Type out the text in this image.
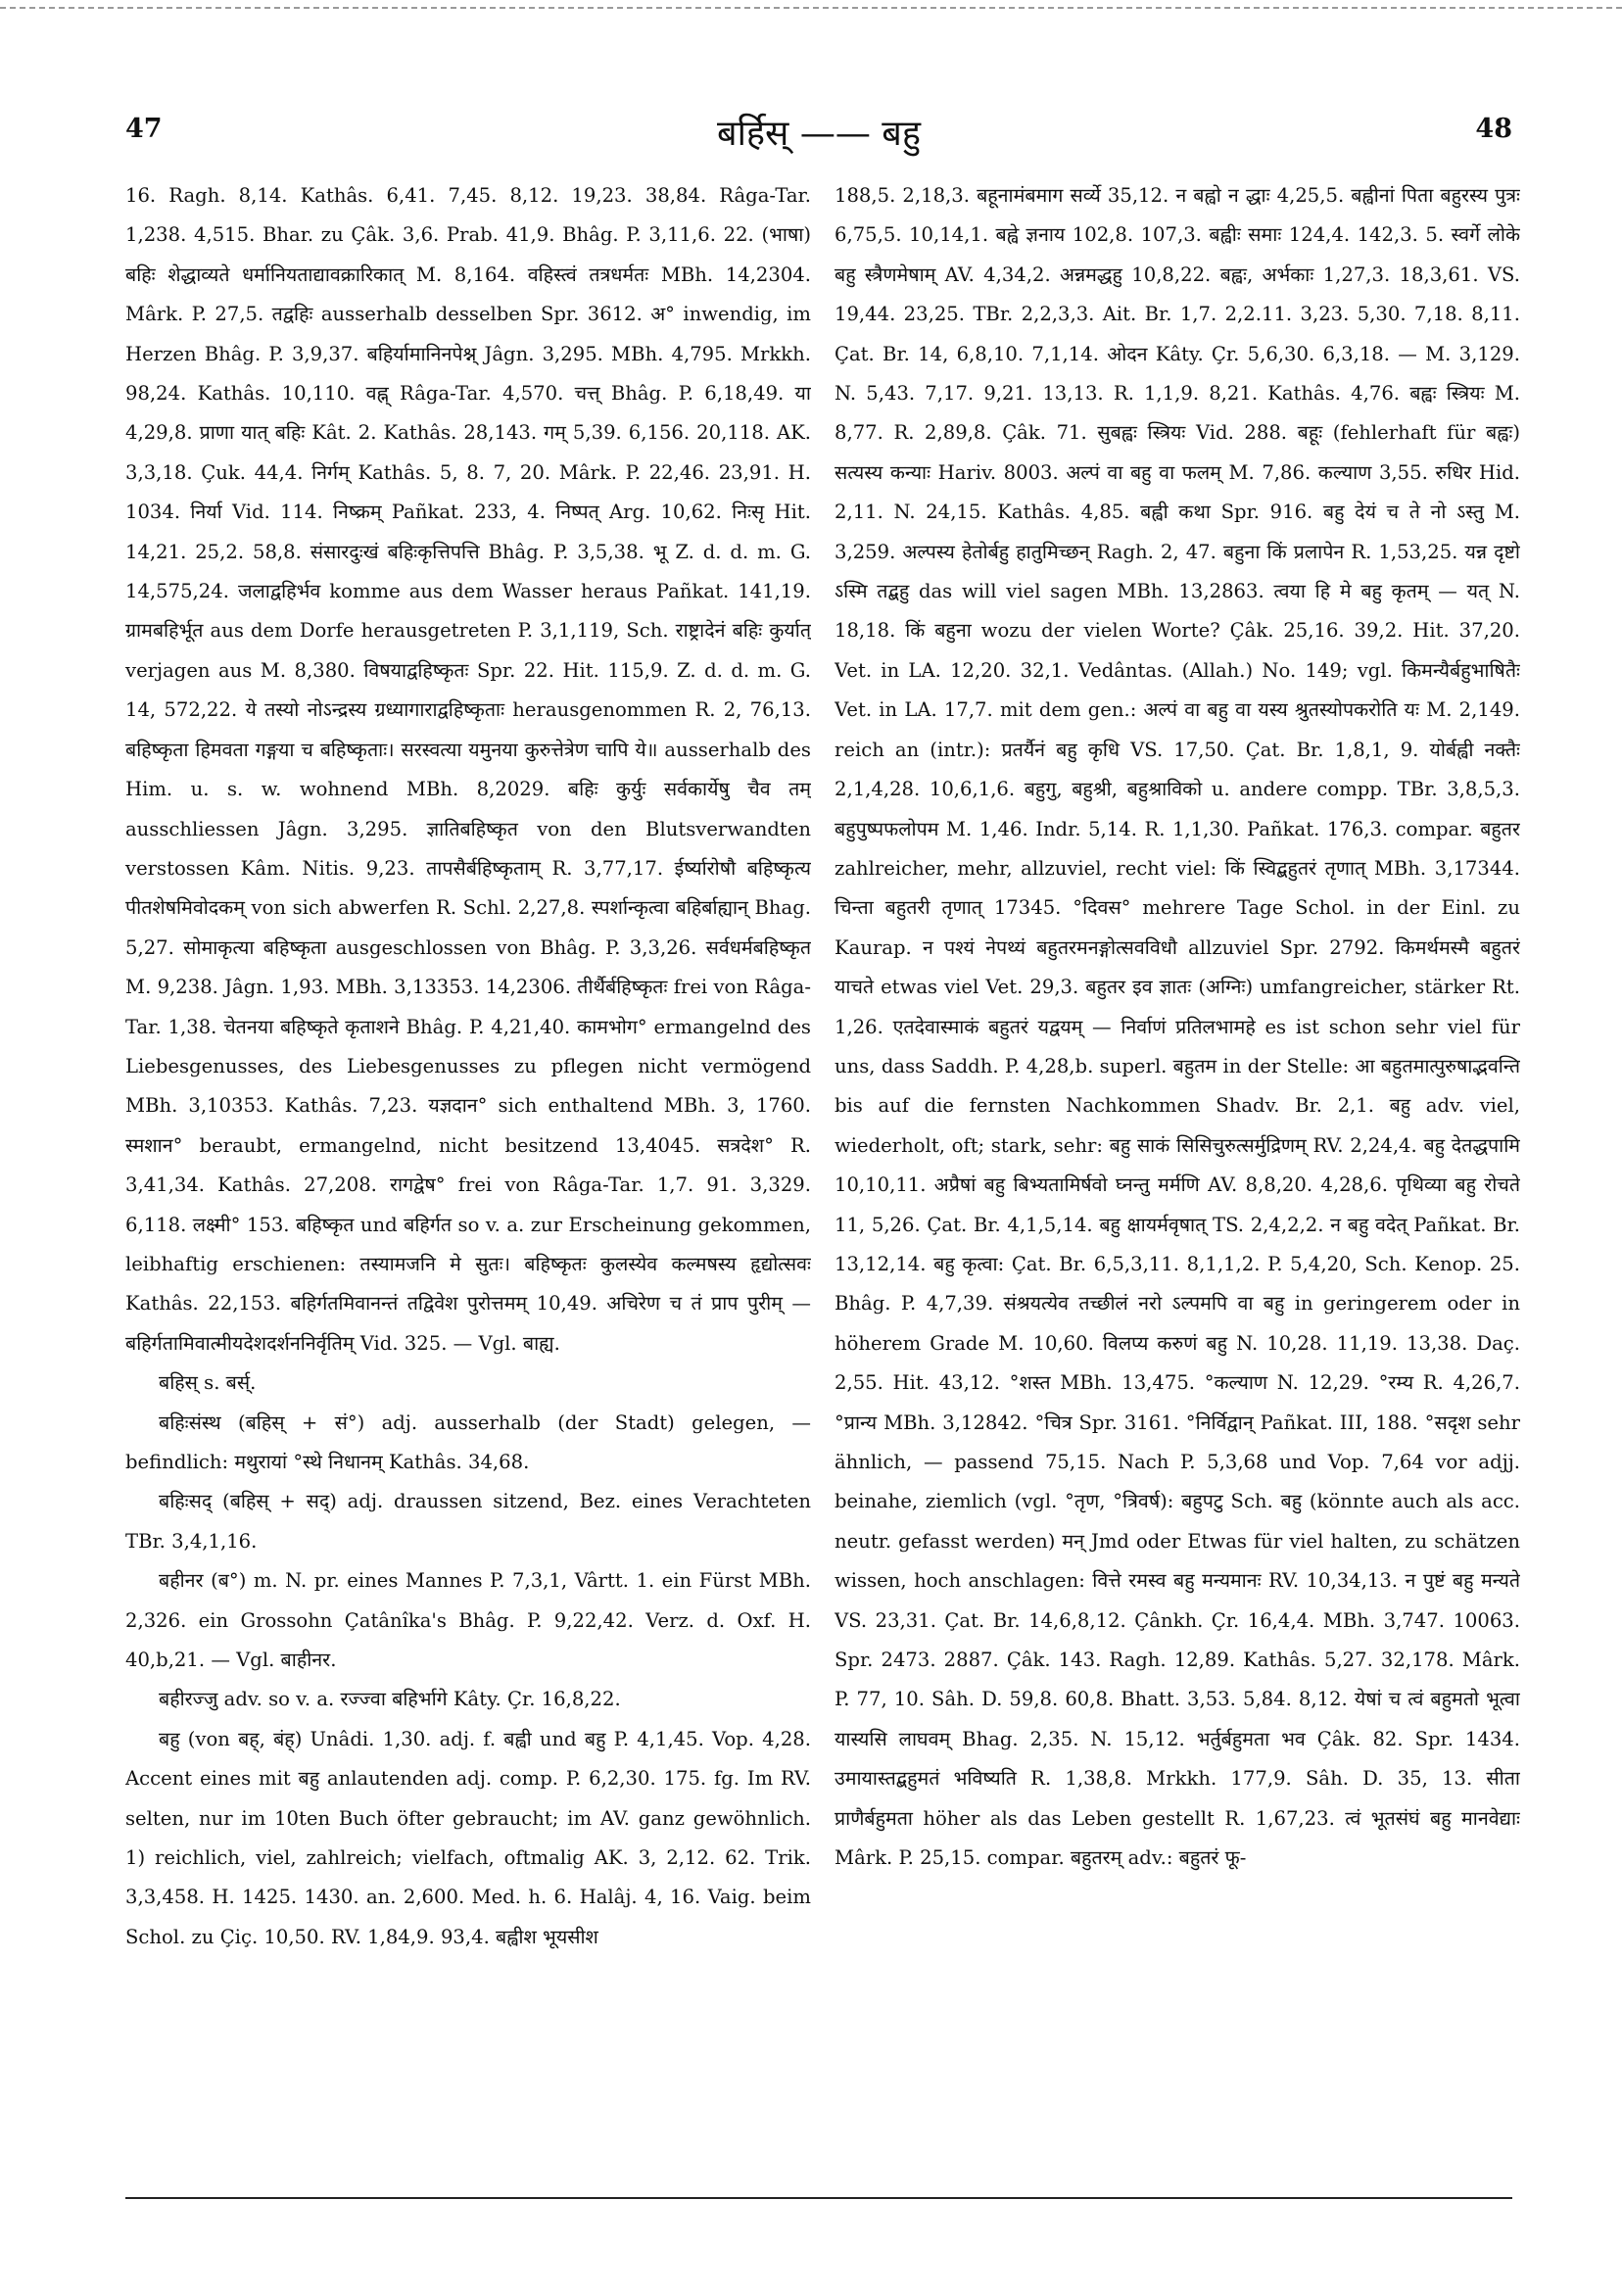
47	बर्हिस् —— बहु	48

16. Ragh. 8,14. Kathâs. 6,41. 7,45. 8,12. 19,23. 38,84. Râga-Tar. 1,238. 4,515. Bhar. zu Çâk. 3,6. Prab. 41,9. Bhâg. P. 3,11,6. 22. (भाषा) बहिः शेद्धाव्यते धर्मानियताद्यावक्रारिकात् M. 8,164. वहिस्त्वं तत्रधर्मतः MBh. 14,2304. Mârk. P. 27,5. तद्वहिः ausserhalb desselben Spr. 3612. अ° inwendig, im Herzen Bhâg. P. 3,9,37. बहिर्यामानिनपेश्न् Jâgn. 3,295. MBh. 4,795. Mrkkh. 98,24. Kathâs. 10,110. वह्न् Râga-Tar. 4,570. चत्त् Bhâg. P. 6,18,49. या 4,29,8. प्राणा यात् बहिः Kât. 2. Kathâs. 28,143. गम् 5,39. 6,156. 20,118. AK. 3,3,18. Çuk. 44,4. निर्गम् Kathâs. 5, 8. 7, 20. Mârk. P. 22,46. 23,91. H. 1034. निर्या Vid. 114. निष्क्रम् Pañkat. 233, 4. निष्पत् Arg. 10,62. निःसृ Hit. 14,21. 25,2. 58,8. संसारदुःखं बहिःकृत्तिपत्ति Bhâg. P. 3,5,38. भू Z. d. d. m. G. 14,575,24. जलाद्वहिर्भव komme aus dem Wasser heraus Pañkat. 141,19. ग्रामबहिर्भूत aus dem Dorfe herausgetreten P. 3,1,119, Sch. राष्ट्रादेनं बहिः कुर्यात् verjagen aus M. 8,380. विषयाद्वहिष्कृतः Spr. 22. Hit. 115,9. Z. d. d. m. G. 14, 572,22. ये तस्यो नोऽन्द्रस्य ग्रध्यागाराद्वहिष्कृताः herausgenommen R. 2, 76,13. बहिष्कृता हिमवता गङ्गया च बहिष्कृताः। सरस्वत्या यमुनया कुरुत्तेत्रेण चापि ये॥ ausserhalb des Him. u. s. w. wohnend MBh. 8,2029. बहिः कुर्युः सर्वकार्येषु चैव तम् ausschliessen Jâgn. 3,295. ज्ञातिबहिष्कृत von den Blutsverwandten verstossen Kâm. Nitis. 9,23. तापसैर्बहिष्कृताम् R. 3,77,17. ईर्ष्यारोषौ बहिष्कृत्य पीतशेषमिवोदकम् von sich abwerfen R. Schl. 2,27,8. स्पर्शान्कृत्वा बहिर्बाह्यान् Bhag. 5,27. सोमाकृत्या बहिष्कृता ausgeschlossen von Bhâg. P. 3,3,26. सर्वधर्मबहिष्कृत M. 9,238. Jâgn. 1,93. MBh. 3,13353. 14,2306. तीर्थैर्बहिष्कृतः frei von Râga-Tar. 1,38. चेतनया बहिष्कृते कृताशने Bhâg. P. 4,21,40. कामभोग° ermangelnd des Liebesgenusses, des Liebesgenusses zu pflegen nicht vermögend MBh. 3,10353. Kathâs. 7,23. यज्ञदान° sich enthaltend MBh. 3, 1760. स्मशान° beraubt, ermangelnd, nicht besitzend 13,4045. सत्रदेश° R. 3,41,34. Kathâs. 27,208. रागद्वेष° frei von Râga-Tar. 1,7. 91. 3,329. 6,118. लक्ष्मी° 153. बहिष्कृत und बहिर्गत so v. a. zur Erscheinung gekommen, leibhaftig erschienen: तस्यामजनि मे सुतः। बहिष्कृतः कुलस्येव कल्मषस्य हृद्योत्सवः Kathâs. 22,153. बहिर्गतमिवानन्तं तद्विवेश पुरोत्तमम् 10,49. अचिरेण च तं प्राप पुरीम् — बहिर्गतामिवात्मीयदेशदर्शननिर्वृतिम् Vid. 325. — Vgl. बाह्य.

बहिस् s. बर्स्.

बहिःसंस्थ (बहिस् + सं°) adj. ausserhalb (der Stadt) gelegen, — befindlich: मथुरायां °स्थे निधानम् Kathâs. 34,68.

बहिःसद् (बहिस् + सद्) adj. draussen sitzend, Bez. eines Verachteten TBr. 3,4,1,16.

बहीनर (ब°) m. N. pr. eines Mannes P. 7,3,1, Vârtt. 1. ein Fürst MBh. 2,326. ein Grossohn Çatânîka's Bhâg. P. 9,22,42. Verz. d. Oxf. H. 40,b,21. — Vgl. बाहीनर.

बहीरज्जु adv. so v. a. रज्ज्वा बहिर्भागे Kâty. Çr. 16,8,22.

बहु (von बह्, बंह्) Unâdi. 1,30. adj. f. बह्वी und बहु P. 4,1,45. Vop. 4,28. Accent eines mit बहु anlautenden adj. comp. P. 6,2,30. 175. fg. Im RV. selten, nur im 10ten Buch öfter gebraucht; im AV. ganz gewöhnlich. 1) reichlich, viel, zahlreich; vielfach, oftmalig AK. 3, 2,12. 62. Trik. 3,3,458. H. 1425. 1430. an. 2,600. Med. h. 6. Halâj. 4, 16. Vaig. beim Schol. zu Çiç. 10,50. RV. 1,84,9. 93,4. बह्वीश भूयसीश

188,5. 2,18,3. बहूनामंबमाग सर्व्ये 35,12. न बह्वो न द्धाः 4,25,5. बह्वीनां पिता बहुरस्य पुत्रः 6,75,5. 10,14,1. बह्वे ज्ञनाय 102,8. 107,3. बह्वीः समाः 124,4. 142,3. 5. स्वर्गे लोके बहु स्त्रैणमेषाम् AV. 4,34,2. अन्नमद्धहु 10,8,22. बह्वः, अर्भकाः 1,27,3. 18,3,61. VS. 19,44. 23,25. TBr. 2,2,3,3. Ait. Br. 1,7. 2,2.11. 3,23. 5,30. 7,18. 8,11. Çat. Br. 14, 6,8,10. 7,1,14. ओदन Kâty. Çr. 5,6,30. 6,3,18. — M. 3,129. N. 5,43. 7,17. 9,21. 13,13. R. 1,1,9. 8,21. Kathâs. 4,76. बह्वः स्त्रियः M. 8,77. R. 2,89,8. Çâk. 71. सुबह्वः स्त्रियः Vid. 288. बहूः (fehlerhaft für बह्वः) सत्यस्य कन्याः Hariv. 8003. अल्पं वा बहु वा फलम् M. 7,86. कल्याण 3,55. रुधिर Hid. 2,11. N. 24,15. Kathâs. 4,85. बह्वी कथा Spr. 916. बहु देयं च ते नो ऽस्तु M. 3,259. अल्पस्य हेतोर्बहु हातुमिच्छन् Ragh. 2, 47. बहुना किं प्रलापेन R. 1,53,25. यन्न दृष्टो ऽस्मि तद्बहु das will viel sagen MBh. 13,2863. त्वया हि मे बहु कृतम् — यत् N. 18,18. किं बहुना wozu der vielen Worte? Çâk. 25,16. 39,2. Hit. 37,20. Vet. in LA. 12,20. 32,1. Vedântas. (Allah.) No. 149; vgl. किमन्यैर्बहुभाषितैः Vet. in LA. 17,7. mit dem gen.: अल्पं वा बहु वा यस्य श्रुतस्योपकरोति यः M. 2,149. reich an (intr.): प्रतर्यैनं बहु कृधि VS. 17,50. Çat. Br. 1,8,1, 9. योर्बह्वी नक्तैः 2,1,4,28. 10,6,1,6. बहुगु, बहुश्री, बहुश्राविको u. andere compp. TBr. 3,8,5,3. बहुपुष्पफलोपम M. 1,46. Indr. 5,14. R. 1,1,30. Pañkat. 176,3. compar. बहुतर zahlreicher, mehr, allzuviel, recht viel: किं स्विद्बहुतरं तृणात् MBh. 3,17344. चिन्ता बहुतरी तृणात् 17345. °दिवस° mehrere Tage Schol. in der Einl. zu Kaurap. न पश्यं नेपथ्यं बहुतरमनङ्गोत्सवविधौ allzuviel Spr. 2792. किमर्थमस्मै बहुतरं याचते etwas viel Vet. 29,3. बहुतर इव ज्ञातः (अग्निः) umfangreicher, stärker Rt. 1,26. एतदेवास्माकं बहुतरं यद्वयम् — निर्वाणं प्रतिलभामहे es ist schon sehr viel für uns, dass Saddh. P. 4,28,b. superl. बहुतम in der Stelle: आ बहुतमात्पुरुषाद्भवन्ति bis auf die fernsten Nachkommen Shadv. Br. 2,1. बहु adv. viel, wiederholt, oft; stark, sehr: बहु साकं सिसिचुरुत्सर्मुद्रिणम् RV. 2,24,4. बहु देतद्धपामि 10,10,11. अप्रैषां बहु बिभ्यतामिर्षवो घ्नन्तु मर्मणि AV. 8,8,20. 4,28,6. पृथिव्या बहु रोचते 11, 5,26. Çat. Br. 4,1,5,14. बहु क्षायर्मवृषात् TS. 2,4,2,2. न बहु वदेत् Pañkat. Br. 13,12,14. बहु कृत्वा: Çat. Br. 6,5,3,11. 8,1,1,2. P. 5,4,20, Sch. Kenop. 25. Bhâg. P. 4,7,39. संश्रयत्येव तच्छीलं नरो ऽल्पमपि वा बहु in geringerem oder in höherem Grade M. 10,60. विलप्य करुणं बहु N. 10,28. 11,19. 13,38. Daç. 2,55. Hit. 43,12. °शस्त MBh. 13,475. °कल्याण N. 12,29. °रम्य R. 4,26,7. °प्रान्य MBh. 3,12842. °चित्र Spr. 3161. °निर्विद्वान् Pañkat. III, 188. °सदृश sehr ähnlich, — passend 75,15. Nach P. 5,3,68 und Vop. 7,64 vor adjj. beinahe, ziemlich (vgl. °तृण, °त्रिवर्ष): बहुपटु Sch. बहु (könnte auch als acc. neutr. gefasst werden) मन् Jmd oder Etwas für viel halten, zu schätzen wissen, hoch anschlagen: वित्ते रमस्व बहु मन्यमानः RV. 10,34,13. न पुष्टं बहु मन्यते VS. 23,31. Çat. Br. 14,6,8,12. Çânkh. Çr. 16,4,4. MBh. 3,747. 10063. Spr. 2473. 2887. Çâk. 143. Ragh. 12,89. Kathâs. 5,27. 32,178. Mârk. P. 77, 10. Sâh. D. 59,8. 60,8. Bhatt. 3,53. 5,84. 8,12. येषां च त्वं बहुमतो भूत्वा यास्यसि लाघवम् Bhag. 2,35. N. 15,12. भर्तुर्बहुमता भव Çâk. 82. Spr. 1434. उमायास्तद्बहुमतं भविष्यति R. 1,38,8. Mrkkh. 177,9. Sâh. D. 35, 13. सीता प्राणैर्बहुमता höher als das Leben gestellt R. 1,67,23. त्वं भूतसंघं बहु मानवेद्याः Mârk. P. 25,15. compar. बहुतरम् adv.: बहुतरं फू-
